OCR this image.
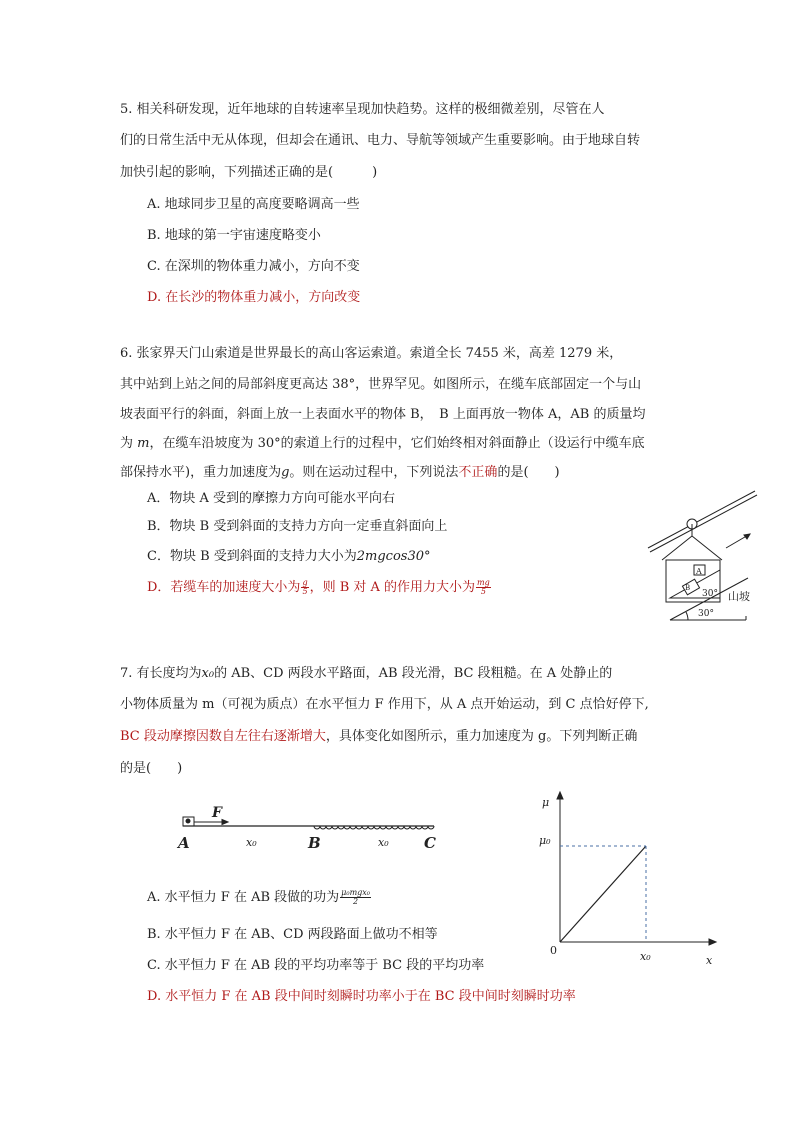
5. 相关科研发现，近年地球的自转速率呈现加快趋势。这样的极细微差别，尽管在人
们的日常生活中无从体现，但却会在通讯、电力、导航等领域产生重要影响。由于地球自转
加快引起的影响，下列描述正确的是(　　　)
A. 地球同步卫星的高度要略调高一些
B. 地球的第一宇宙速度略变小
C. 在深圳的物体重力减小，方向不变
D. 在长沙的物体重力减小，方向改变
6. 张家界天门山索道是世界最长的高山客运索道。索道全长 7455 米，高差 1279 米，
其中站到上站之间的局部斜度更高达 38°，世界罕见。如图所示，在缆车底部固定一个与山
坡表面平行的斜面，斜面上放一上表面水平的物体 B，　B 上面再放一物体 A，AB 的质量均
为 m，在缆车沿坡度为 30°的索道上行的过程中，它们始终相对斜面静止（设运行中缆车底
部保持水平)，重力加速度为g。则在运动过程中，下列说法不正确的是(　　)
A．物块 A 受到的摩擦力方向可能水平向右
B．物块 B 受到斜面的支持力方向一定垂直斜面向上
C．物块 B 受到斜面的支持力大小为2mgcos30°
D．若缆车的加速度大小为 $\frac{g}{5}$ ，则 B 对 A 的作用力大小为 $\frac{mg}{5}$
A
B
30°
30°
山坡
7. 有长度均为x₀的 AB、CD 两段水平路面，AB 段光滑，BC 段粗糙。在 A 处静止的
小物体质量为 m（可视为质点）在水平恒力 F 作用下，从 A 点开始运动，到 C 点恰好停下,
BC 段动摩擦因数自左往右逐渐增大，具体变化如图所示，重力加速度为 g。下列判断正确
的是(　　)
F
A	B	C
x₀	x₀
μ
μ₀
0	x₀	x
A. 水平恒力 F 在 AB 段做的功为 $\frac{\text{μ₀mgx₀}}{2}$
B. 水平恒力 F 在 AB、CD 两段路面上做功不相等
C. 水平恒力 F 在 AB 段的平均功率等于 BC 段的平均功率
D. 水平恒力 F 在 AB 段中间时刻瞬时功率小于在 BC 段中间时刻瞬时功率
